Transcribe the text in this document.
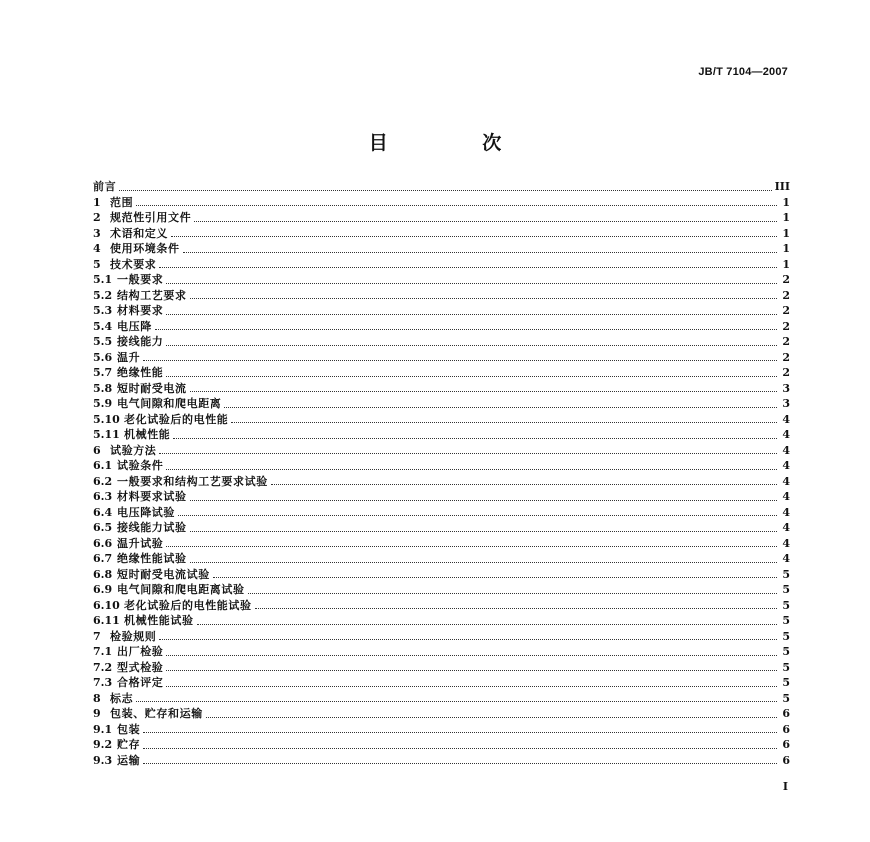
JB/T 7104—2007
目 次
前言	III
1 范围	1
2 规范性引用文件	1
3 术语和定义	1
4 使用环境条件	1
5 技术要求	1
5.1 一般要求	2
5.2 结构工艺要求	2
5.3 材料要求	2
5.4 电压降	2
5.5 接线能力	2
5.6 温升	2
5.7 绝缘性能	2
5.8 短时耐受电流	3
5.9 电气间隙和爬电距离	3
5.10 老化试验后的电性能	4
5.11 机械性能	4
6 试验方法	4
6.1 试验条件	4
6.2 一般要求和结构工艺要求试验	4
6.3 材料要求试验	4
6.4 电压降试验	4
6.5 接线能力试验	4
6.6 温升试验	4
6.7 绝缘性能试验	4
6.8 短时耐受电流试验	5
6.9 电气间隙和爬电距离试验	5
6.10 老化试验后的电性能试验	5
6.11 机械性能试验	5
7 检验规则	5
7.1 出厂检验	5
7.2 型式检验	5
7.3 合格评定	5
8 标志	5
9 包装、贮存和运输	6
9.1 包装	6
9.2 贮存	6
9.3 运输	6
I
